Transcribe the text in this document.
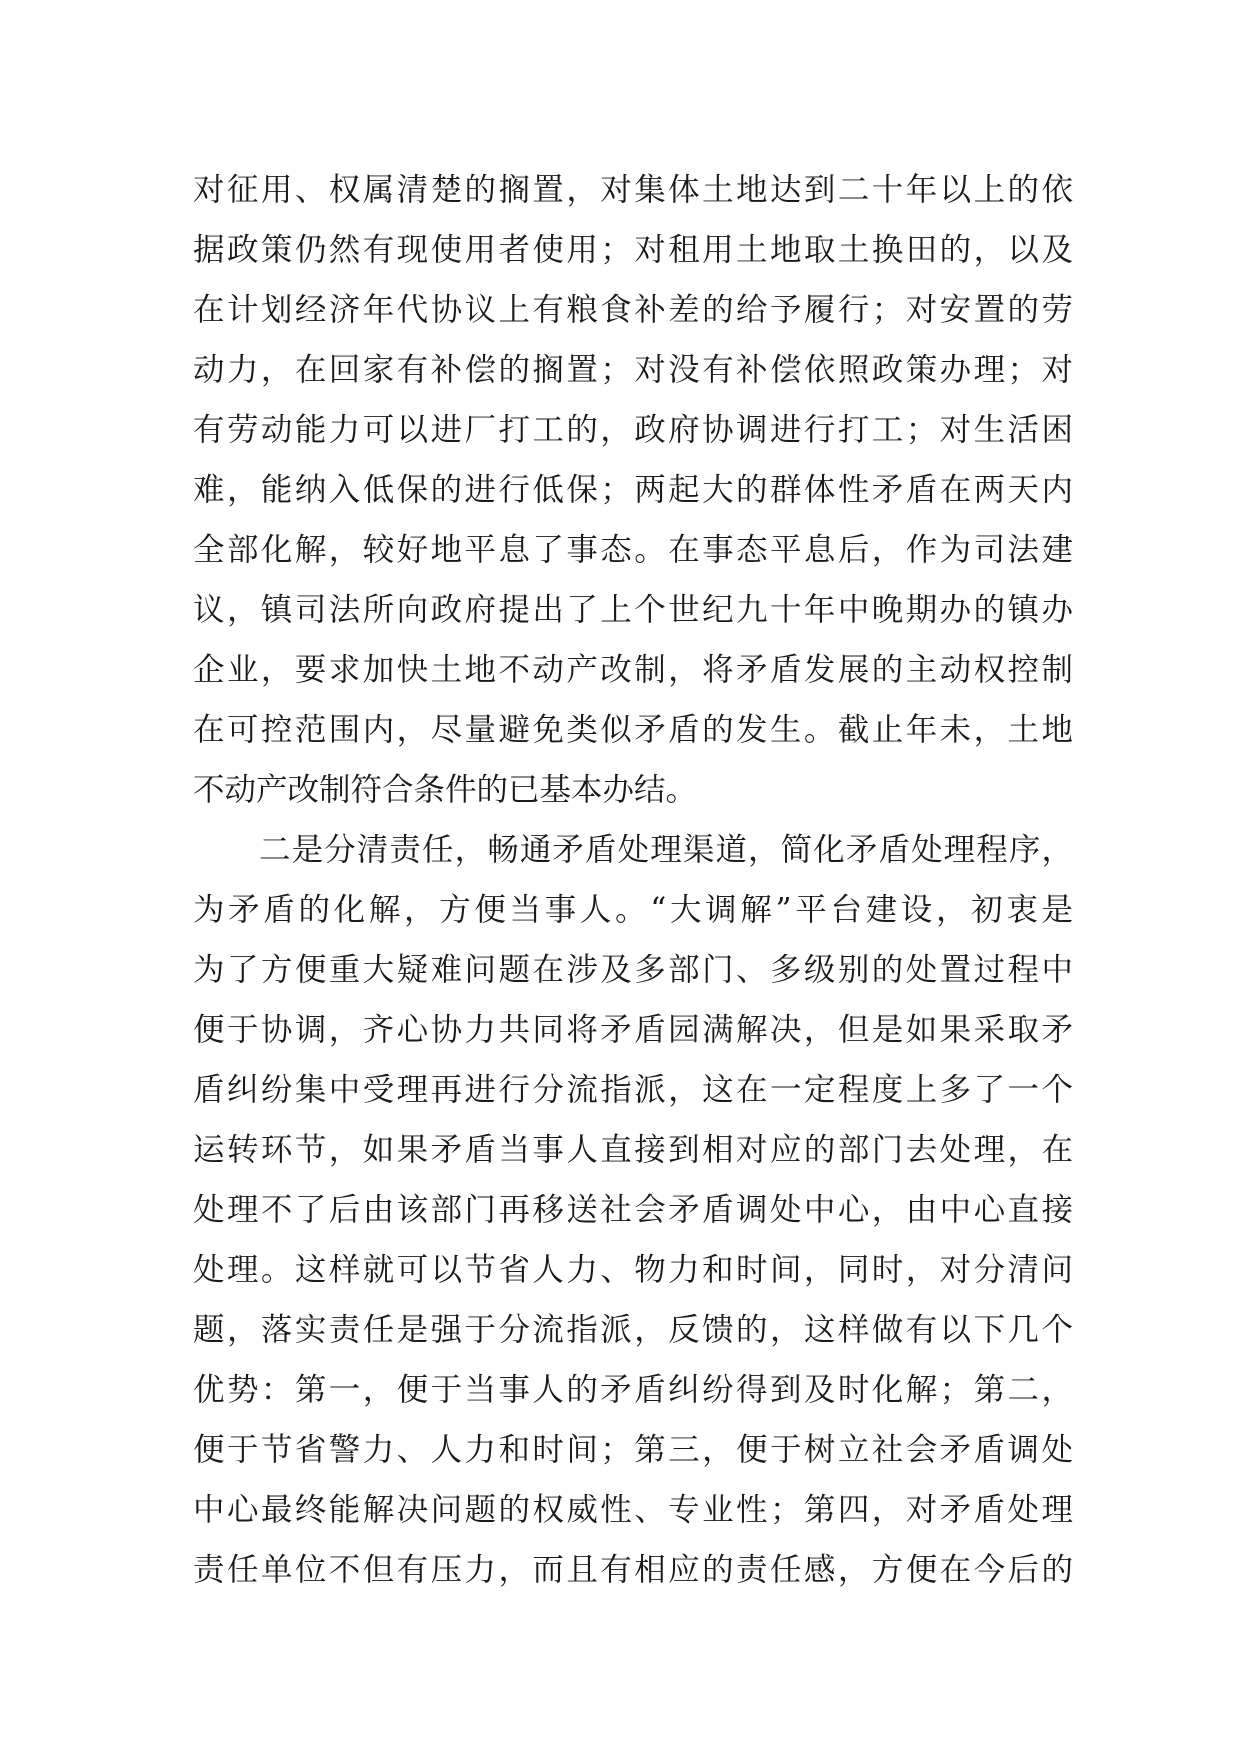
对征用、权属清楚的搁置，对集体土地达到二十年以上的依
据政策仍然有现使用者使用；对租用土地取土换田的，以及
在计划经济年代协议上有粮食补差的给予履行；对安置的劳
动力，在回家有补偿的搁置；对没有补偿依照政策办理；对
有劳动能力可以进厂打工的，政府协调进行打工；对生活困
难，能纳入低保的进行低保；两起大的群体性矛盾在两天内
全部化解，较好地平息了事态。在事态平息后，作为司法建
议，镇司法所向政府提出了上个世纪九十年中晚期办的镇办
企业，要求加快土地不动产改制，将矛盾发展的主动权控制
在可控范围内，尽量避免类似矛盾的发生。截止年未，土地
不动产改制符合条件的已基本办结。
二是分清责任，畅通矛盾处理渠道，简化矛盾处理程序，
为矛盾的化解，方便当事人。“大调解”平台建设，初衷是
为了方便重大疑难问题在涉及多部门、多级别的处置过程中
便于协调，齐心协力共同将矛盾园满解决，但是如果采取矛
盾纠纷集中受理再进行分流指派，这在一定程度上多了一个
运转环节，如果矛盾当事人直接到相对应的部门去处理，在
处理不了后由该部门再移送社会矛盾调处中心，由中心直接
处理。这样就可以节省人力、物力和时间，同时，对分清问
题，落实责任是强于分流指派，反馈的，这样做有以下几个
优势：第一，便于当事人的矛盾纠纷得到及时化解；第二，
便于节省警力、人力和时间；第三，便于树立社会矛盾调处
中心最终能解决问题的权威性、专业性；第四，对矛盾处理
责任单位不但有压力，而且有相应的责任感，方便在今后的
